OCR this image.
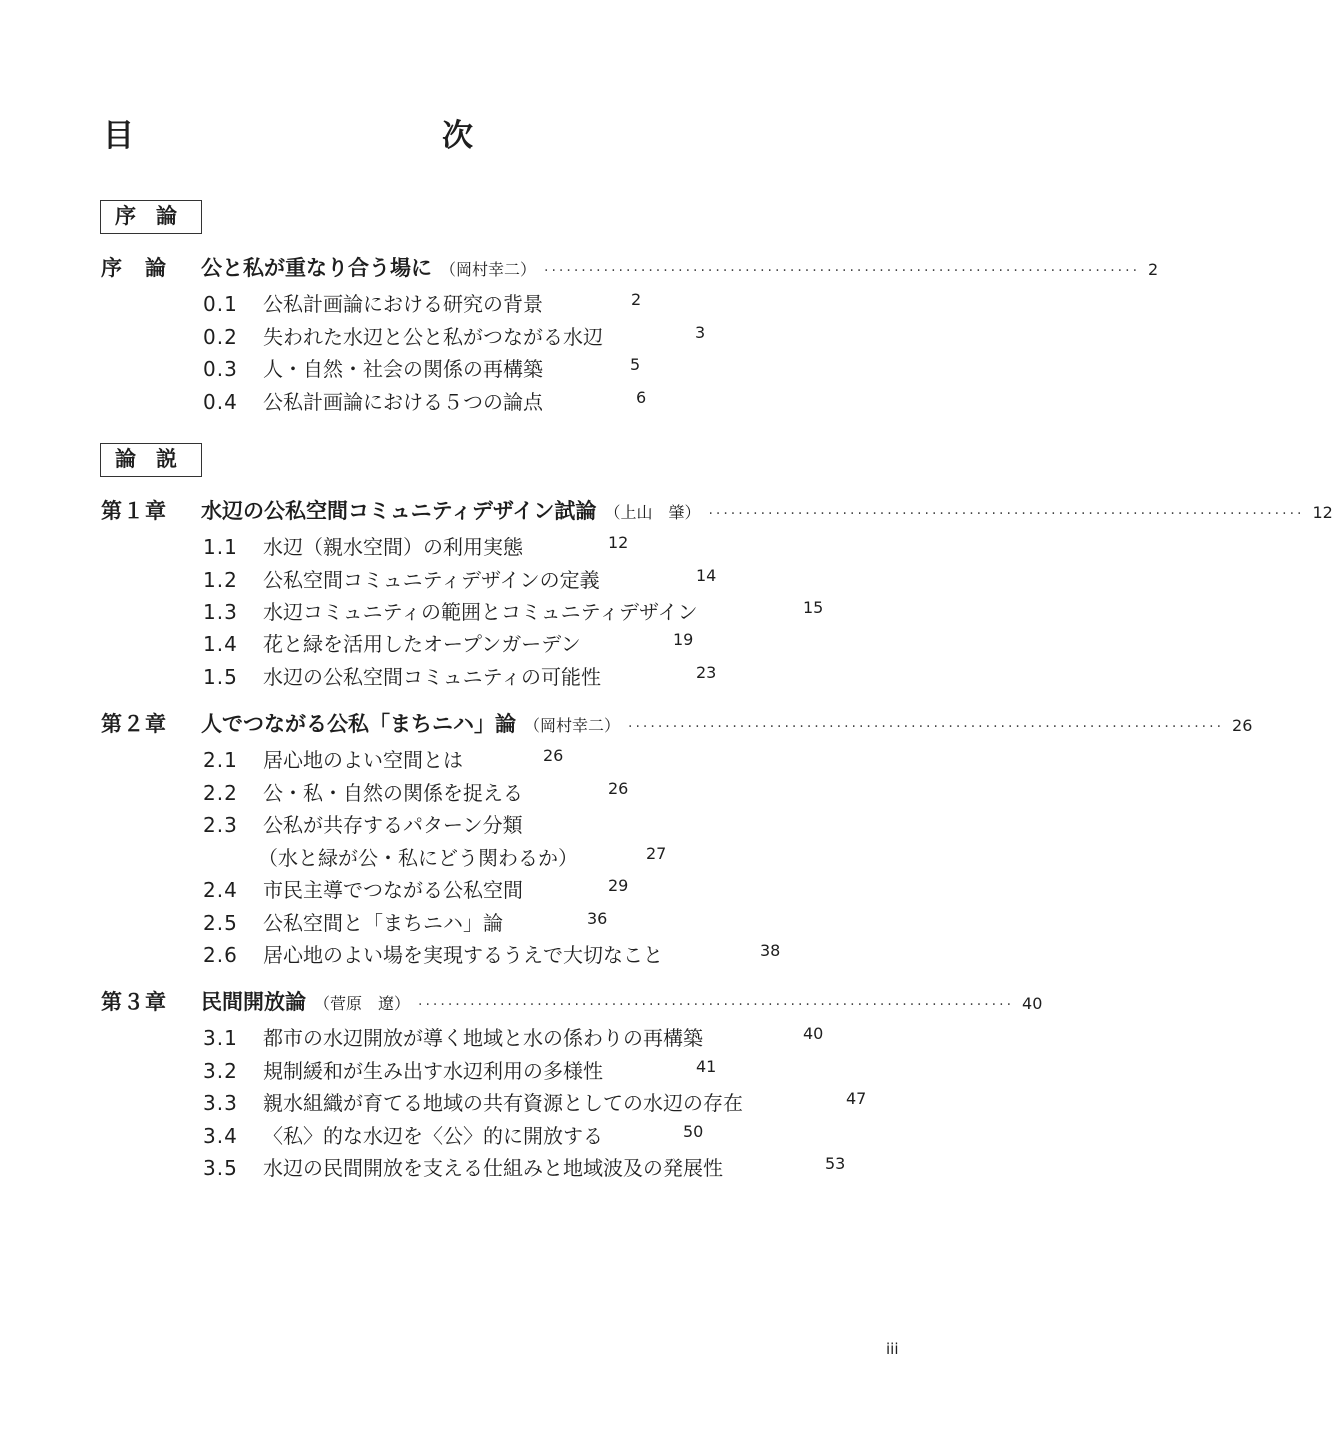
目　　次
序論
序　論	公と私が重なり合う場に （岡村幸二） ················································································ 2
0.1 公私計画論における研究の背景	2
0.2 失われた水辺と公と私がつながる水辺	3
0.3 人・自然・社会の関係の再構築	5
0.4 公私計画論における５つの論点	6
論説
第１章	水辺の公私空間コミュニティデザイン試論 （上山　肇） ················································································ 12
1.1 水辺（親水空間）の利用実態	12
1.2 公私空間コミュニティデザインの定義	14
1.3 水辺コミュニティの範囲とコミュニティデザイン	15
1.4 花と緑を活用したオープンガーデン	19
1.5 水辺の公私空間コミュニティの可能性	23
第２章	人でつながる公私「まちニハ」論 （岡村幸二） ················································································ 26
2.1 居心地のよい空間とは	26
2.2 公・私・自然の関係を捉える	26
2.3 公私が共存するパターン分類
（水と緑が公・私にどう関わるか）	27
2.4 市民主導でつながる公私空間	29
2.5 公私空間と「まちニハ」論	36
2.6 居心地のよい場を実現するうえで大切なこと	38
第３章	民間開放論 （菅原　遼） ················································································ 40
3.1 都市の水辺開放が導く地域と水の係わりの再構築	40
3.2 規制緩和が生み出す水辺利用の多様性	41
3.3 親水組織が育てる地域の共有資源としての水辺の存在	47
3.4 〈私〉的な水辺を〈公〉的に開放する	50
3.5 水辺の民間開放を支える仕組みと地域波及の発展性	53
iii
